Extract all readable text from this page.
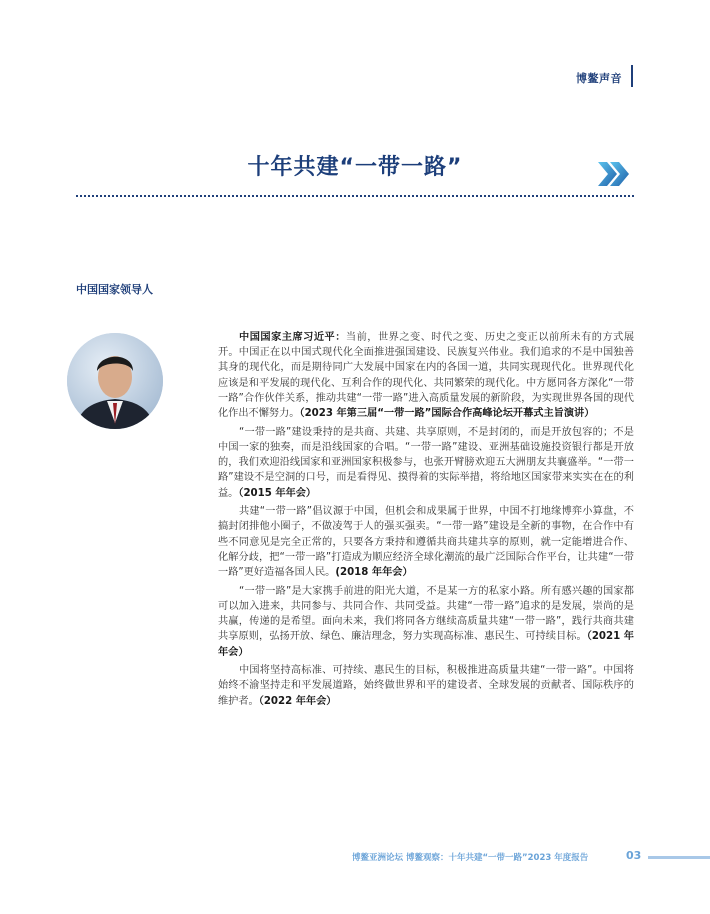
博鳌声音
十年共建“一带一路”
中国国家领导人

中国国家主席习近平：当前，世界之变、时代之变、历史之变正以前所未有的方式展开。中国正在以中国式现代化全面推进强国建设、民族复兴伟业。我们追求的不是中国独善其身的现代化，而是期待同广大发展中国家在内的各国一道，共同实现现代化。世界现代化应该是和平发展的现代化、互利合作的现代化、共同繁荣的现代化。中方愿同各方深化“一带一路”合作伙伴关系，推动共建“一带一路”进入高质量发展的新阶段，为实现世界各国的现代化作出不懈努力。（2023 年第三届“一带一路”国际合作高峰论坛开幕式主旨演讲）

“一带一路”建设秉持的是共商、共建、共享原则，不是封闭的，而是开放包容的；不是中国一家的独奏，而是沿线国家的合唱。“一带一路”建设、亚洲基础设施投资银行都是开放的，我们欢迎沿线国家和亚洲国家积极参与，也张开臂膀欢迎五大洲朋友共襄盛举。“一带一路”建设不是空洞的口号，而是看得见、摸得着的实际举措，将给地区国家带来实实在在的利益。（2015 年年会）

共建“一带一路”倡议源于中国，但机会和成果属于世界，中国不打地缘博弈小算盘，不搞封闭排他小圈子，不做凌驾于人的强买强卖。“一带一路”建设是全新的事物，在合作中有些不同意见是完全正常的，只要各方秉持和遵循共商共建共享的原则，就一定能增进合作、化解分歧，把“一带一路”打造成为顺应经济全球化潮流的最广泛国际合作平台，让共建“一带一路”更好造福各国人民。(2018 年年会）

“一带一路”是大家携手前进的阳光大道，不是某一方的私家小路。所有感兴趣的国家都可以加入进来，共同参与、共同合作、共同受益。共建“一带一路”追求的是发展，崇尚的是共赢，传递的是希望。面向未来，我们将同各方继续高质量共建“一带一路”，践行共商共建共享原则，弘扬开放、绿色、廉洁理念，努力实现高标准、惠民生、可持续目标。（2021 年年会）

中国将坚持高标准、可持续、惠民生的目标，积极推进高质量共建“一带一路”。中国将始终不渝坚持走和平发展道路，始终做世界和平的建设者、全球发展的贡献者、国际秩序的维护者。（2022 年年会）

博鳌亚洲论坛 博鳌观察：十年共建“一带一路”2023 年度报告	03
